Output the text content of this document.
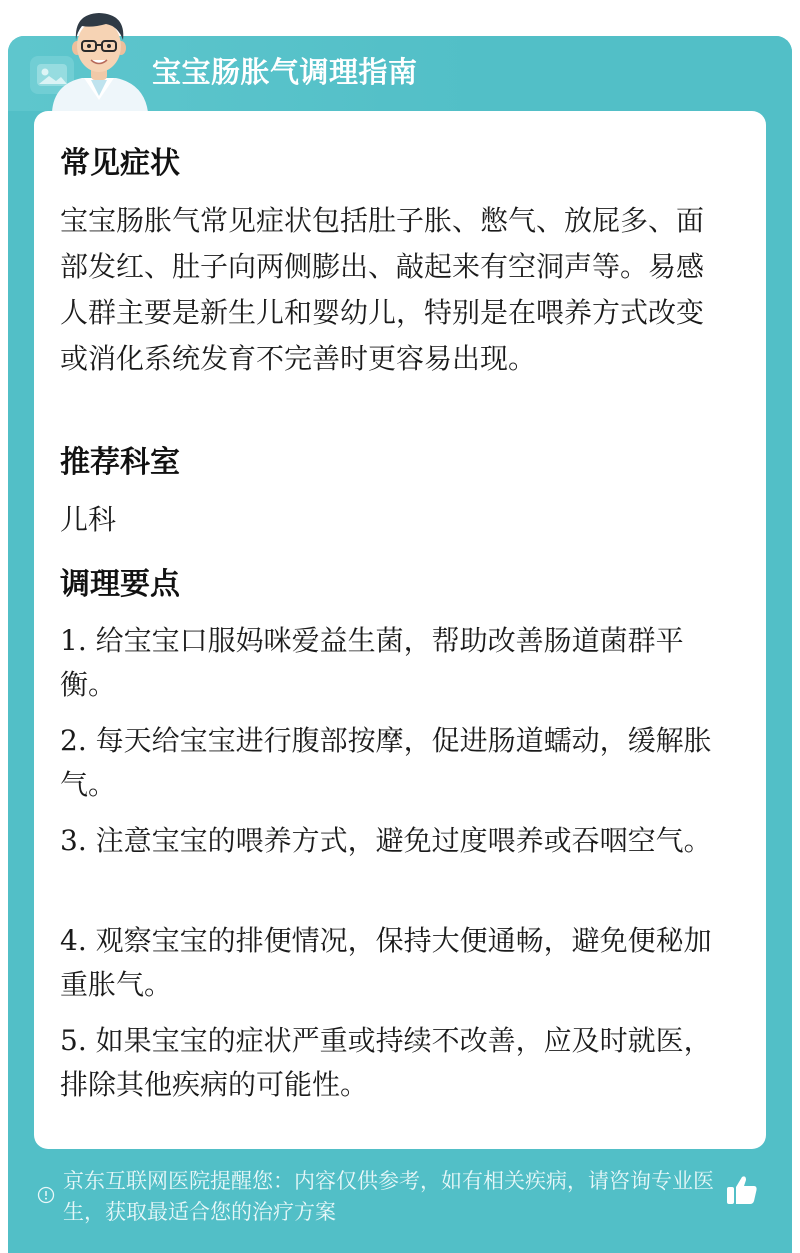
宝宝肠胀气调理指南
常见症状
宝宝肠胀气常见症状包括肚子胀、憋气、放屁多、面部发红、肚子向两侧膨出、敲起来有空洞声等。易感人群主要是新生儿和婴幼儿，特别是在喂养方式改变或消化系统发育不完善时更容易出现。
推荐科室
儿科
调理要点
1. 给宝宝口服妈咪爱益生菌，帮助改善肠道菌群平衡。
2. 每天给宝宝进行腹部按摩，促进肠道蠕动，缓解胀气。
3. 注意宝宝的喂养方式，避免过度喂养或吞咽空气。
4. 观察宝宝的排便情况，保持大便通畅，避免便秘加重胀气。
5. 如果宝宝的症状严重或持续不改善，应及时就医，排除其他疾病的可能性。
京东互联网医院提醒您：内容仅供参考，如有相关疾病，请咨询专业医生，获取最适合您的治疗方案
